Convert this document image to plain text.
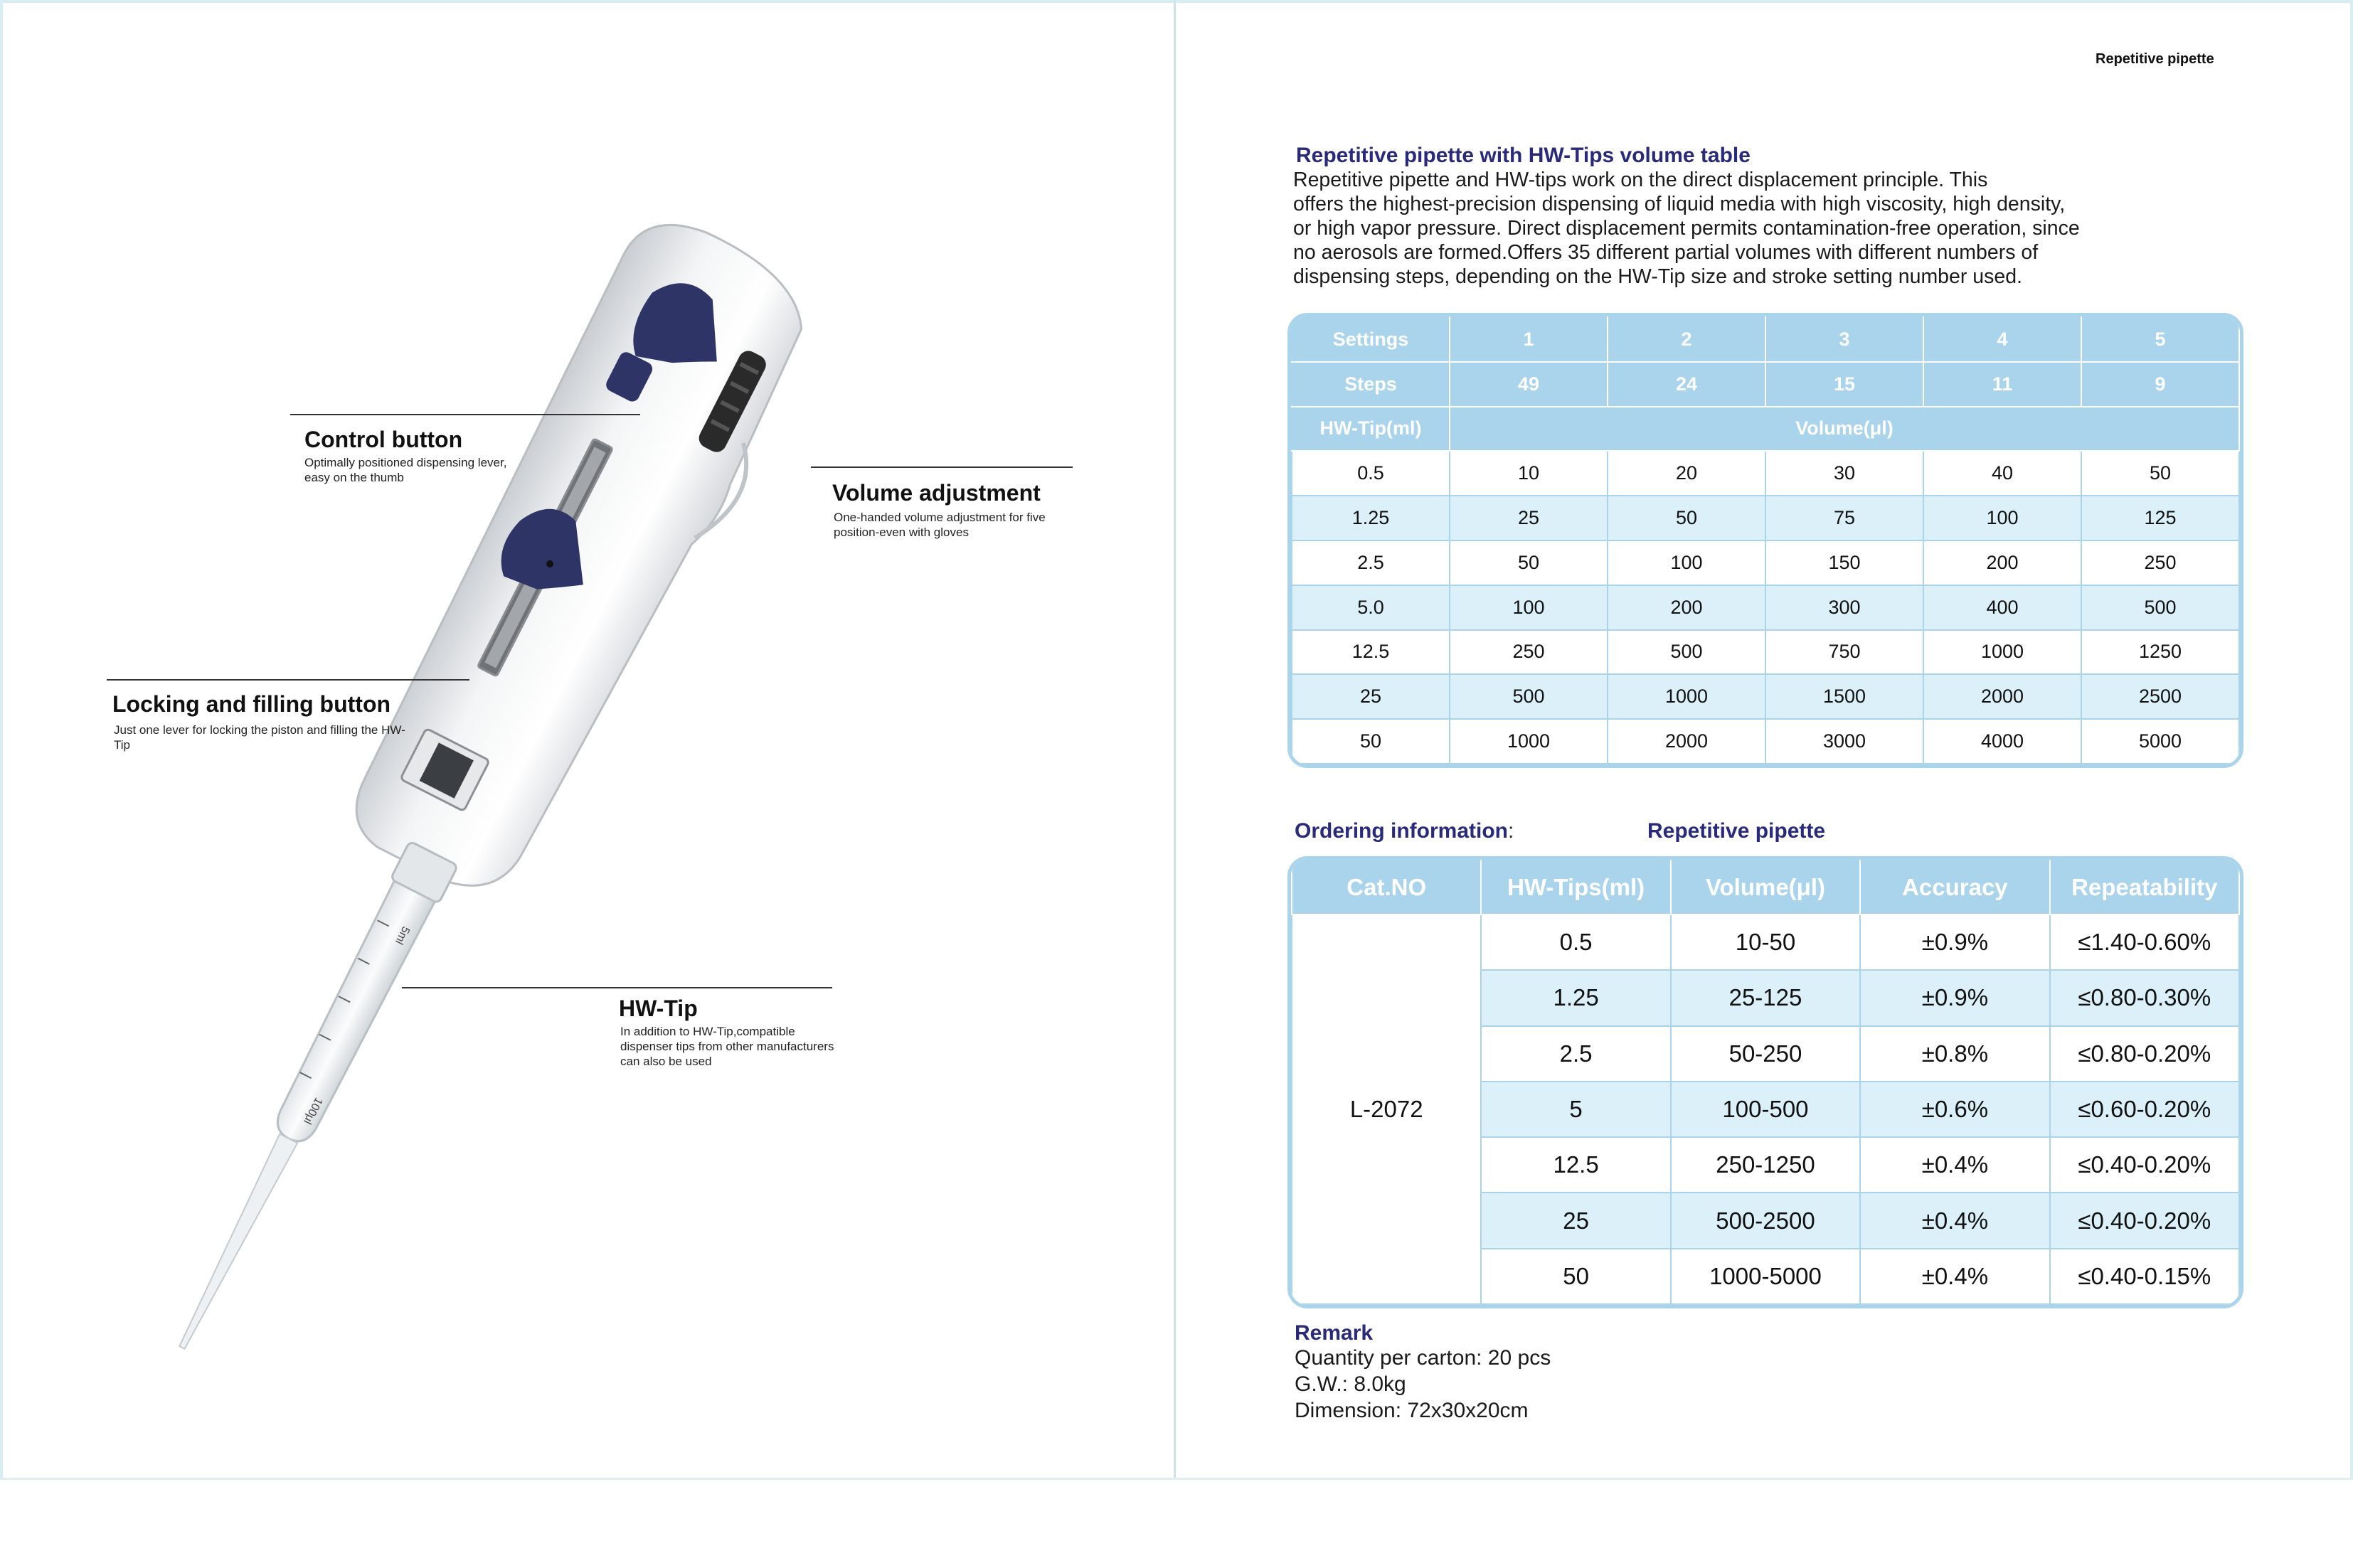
5ml
100μl
Control button
Optimally positioned dispensing lever, easy on the thumb
Volume adjustment
One-handed volume adjustment for five position-even with gloves
Locking and filling button
Just one lever for locking the piston and filling the HW-Tip
HW-Tip
In addition to HW-Tip,compatible dispenser tips from other manufacturers can also be used
Repetitive pipette
Repetitive pipette with HW-Tips volume table

Repetitive pipette and HW-tips work on the direct displacement principle. This

offers the highest-precision dispensing of liquid media with high viscosity, high density,

or high vapor pressure. Direct displacement permits contamination-free operation, since

no aerosols are formed.Offers 35 different partial volumes with different numbers of

dispensing steps, depending on the HW-Tip size and stroke setting number used.

Settings	1	2	3	4	5
Steps	49	24	15	11	9
HW-Tip(ml)	Volume(μl)				
0.5	10	20	30	40	50
1.25	25	50	75	100	125
2.5	50	100	150	200	250
5.0	100	200	300	400	500
12.5	250	500	750	1000	1250
25	500	1000	1500	2000	2500
50	1000	2000	3000	4000	5000
Ordering information:	Repetitive pipette
Cat.NO	HW-Tips(ml)	Volume(μl)	Accuracy	Repeatability
L-2072	0.5	10-50	±0.9%	≤1.40-0.60%
	1.25	25-125	±0.9%	≤0.80-0.30%
	2.5	50-250	±0.8%	≤0.80-0.20%
	5	100-500	±0.6%	≤0.60-0.20%
	12.5	250-1250	±0.4%	≤0.40-0.20%
	25	500-2500	±0.4%	≤0.40-0.20%
	50	1000-5000	±0.4%	≤0.40-0.15%
Remark
Quantity per carton: 20 pcs
G.W.: 8.0kg
Dimension: 72x30x20cm
